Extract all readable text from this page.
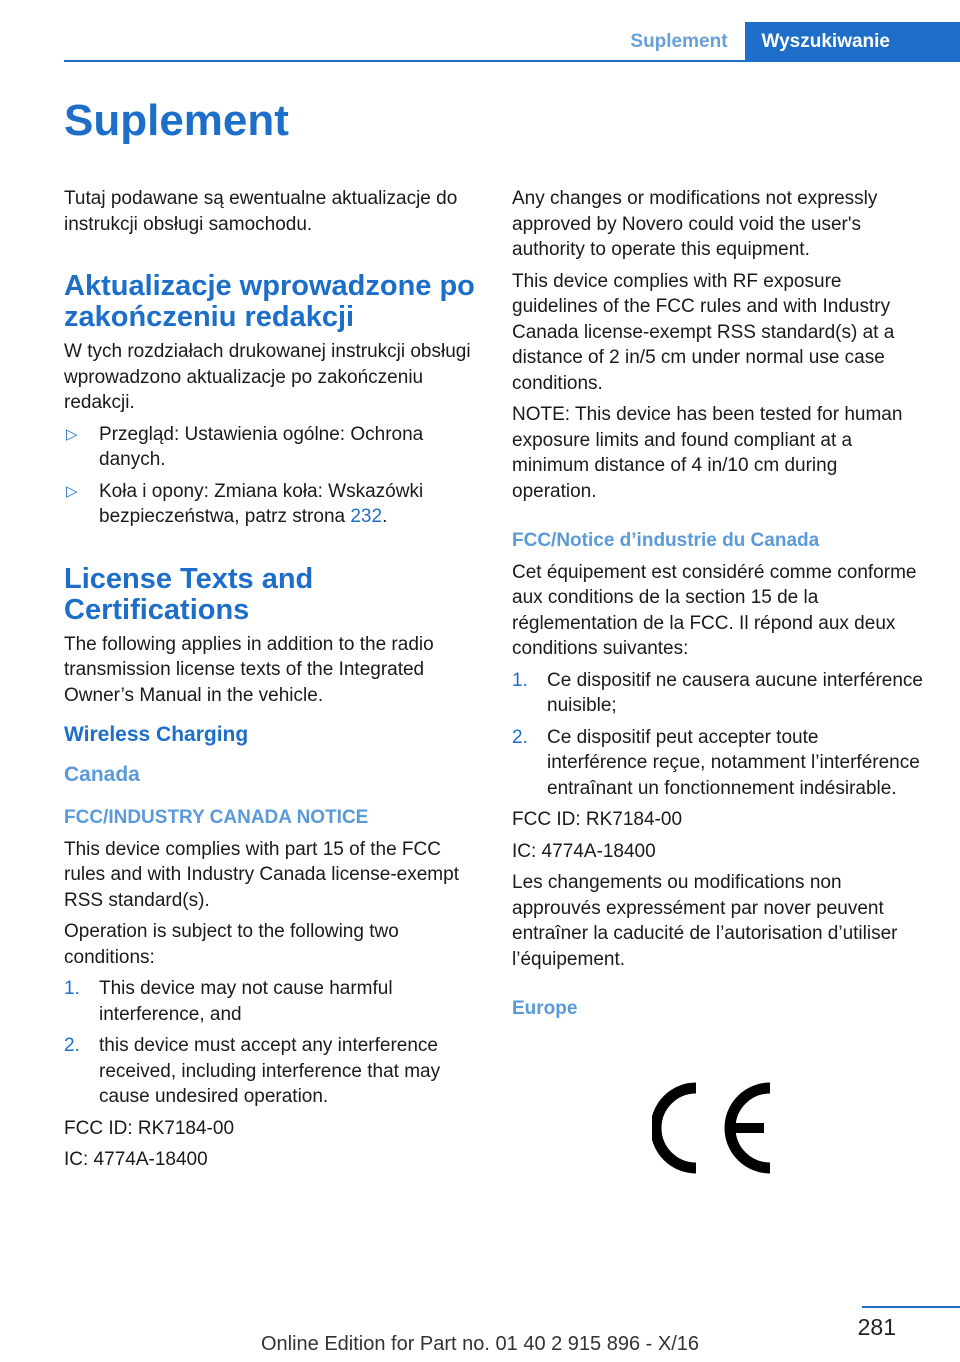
Suplement	Wyszukiwanie
Suplement

Tutaj podawane są ewentualne aktualizacje do instrukcji obsługi samochodu.

Aktualizacje wprowadzone po zakończeniu redakcji

W tych rozdziałach drukowanej instrukcji obsługi wprowadzono aktualizacje po zakończeniu redakcji.

▷ Przegląd: Ustawienia ogólne: Ochrona danych.
▷ Koła i opony: Zmiana koła: Wskazówki bezpieczeństwa, patrz strona 232.
License Texts and Certifications

The following applies in addition to the radio transmission license texts of the Integrated Owner’s Manual in the vehicle.

Wireless Charging
Canada
FCC/INDUSTRY CANADA NOTICE

This device complies with part 15 of the FCC rules and with Industry Canada license-exempt RSS standard(s).

Operation is subject to the following two conditions:

1. This device may not cause harmful interference, and
2. this device must accept any interference received, including interference that may cause undesired operation.

FCC ID: RK7184-00

IC: 4774A-18400

Any changes or modifications not expressly approved by Novero could void the user's authority to operate this equipment.

This device complies with RF exposure guidelines of the FCC rules and with Industry Canada license-exempt RSS standard(s) at a distance of 2 in/5 cm under normal use case conditions.

NOTE: This device has been tested for human exposure limits and found compliant at a minimum distance of 4 in/10 cm during operation.

FCC/Notice d’industrie du Canada

Cet équipement est considéré comme conforme aux conditions de la section 15 de la réglementation de la FCC. Il répond aux deux conditions suivantes:

1. Ce dispositif ne causera aucune interférence nuisible;
2. Ce dispositif peut accepter toute interférence reçue, notamment l’interférence entraînant un fonctionnement indésirable.

FCC ID: RK7184-00

IC: 4774A-18400

Les changements ou modifications non approuvés expressément par nover peuvent entraîner la caducité de l’autorisation d’utiliser l’équipement.

Europe
281
Online Edition for Part no. 01 40 2 915 896 - X/16
